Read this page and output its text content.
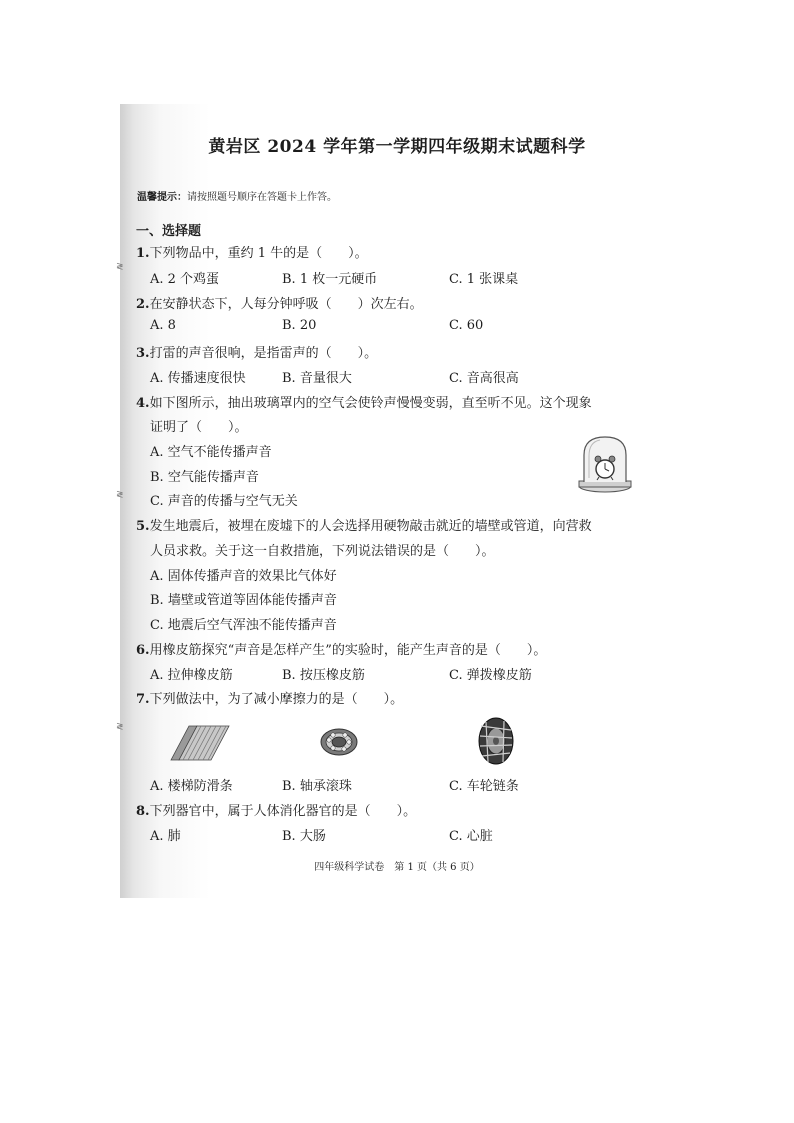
≷
≷
≷
黄岩区 2024 学年第一学期四年级期末试题科学
温馨提示：请按照题号顺序在答题卡上作答。
一、选择题
1.下列物品中，重约 1 牛的是（　　）。
A. 2 个鸡蛋	B. 1 枚一元硬币	C. 1 张课桌
2.在安静状态下，人每分钟呼吸（　　）次左右。
A. 8	B. 20	C. 60
3.打雷的声音很响，是指雷声的（　　）。
A. 传播速度很快	B. 音量很大	C. 音高很高
4.如下图所示，抽出玻璃罩内的空气会使铃声慢慢变弱，直至听不见。这个现象
证明了（　　）。
A. 空气不能传播声音
B. 空气能传播声音
C. 声音的传播与空气无关
5.发生地震后，被埋在废墟下的人会选择用硬物敲击就近的墙壁或管道，向营救
人员求救。关于这一自救措施，下列说法错误的是（　　）。
A. 固体传播声音的效果比气体好
B. 墙壁或管道等固体能传播声音
C. 地震后空气浑浊不能传播声音
6.用橡皮筋探究“声音是怎样产生”的实验时，能产生声音的是（　　）。
A. 拉伸橡皮筋	B. 按压橡皮筋	C. 弹拨橡皮筋
7.下列做法中，为了减小摩擦力的是（　　）。
A. 楼梯防滑条	B. 轴承滚珠	C. 车轮链条
8.下列器官中，属于人体消化器官的是（　　）。
A. 肺	B. 大肠	C. 心脏
四年级科学试卷　第 1 页（共 6 页）
